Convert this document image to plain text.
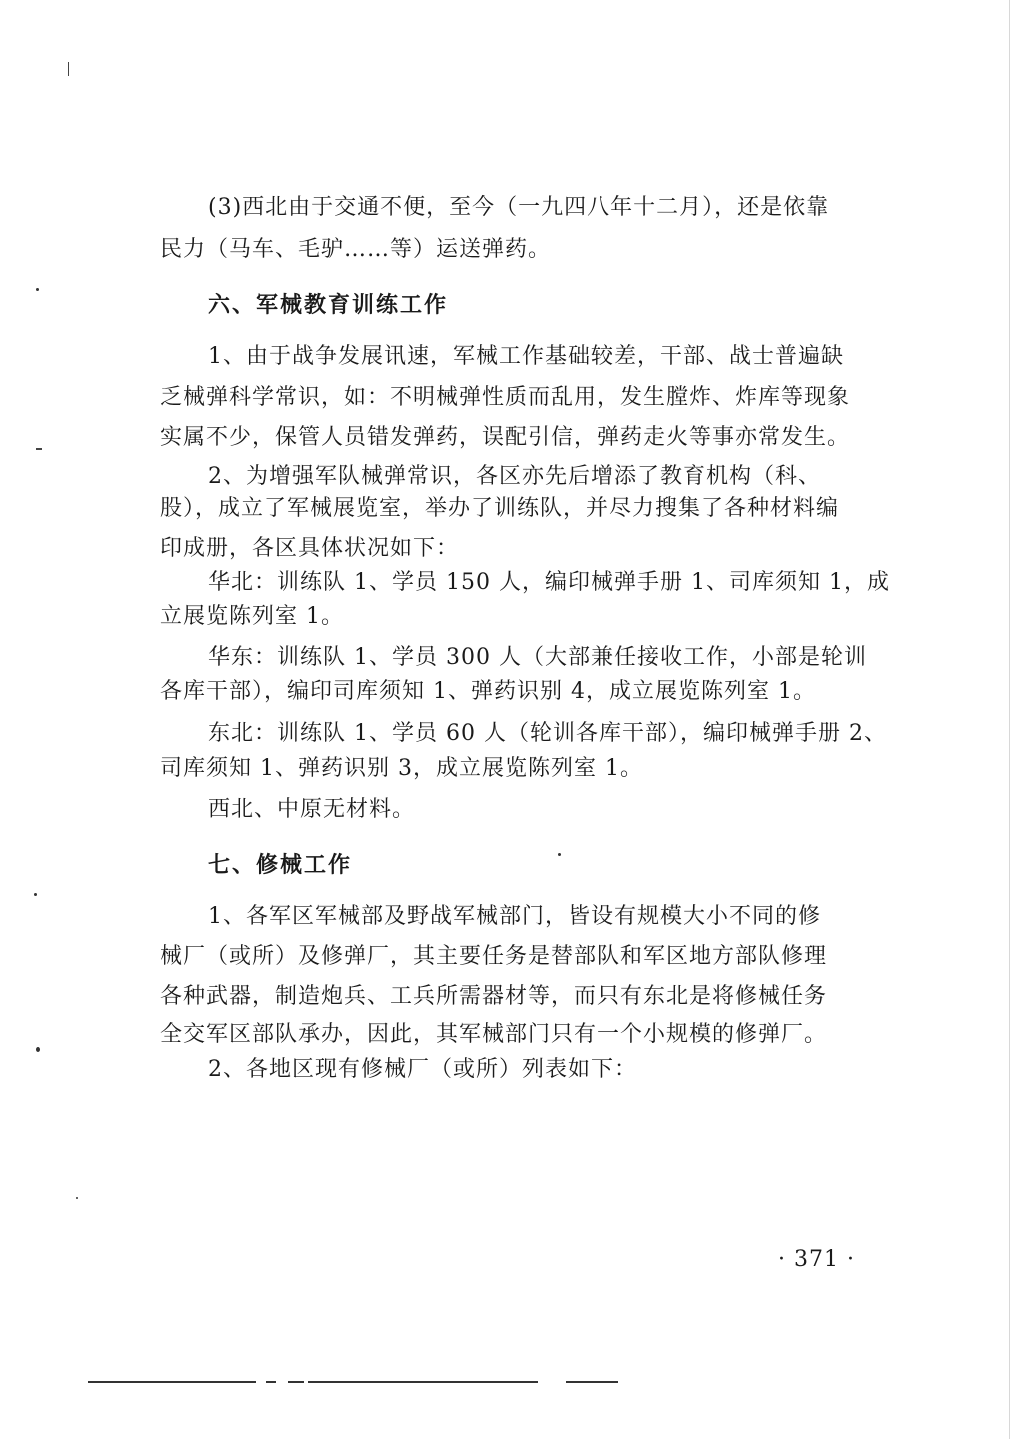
(3)西北由于交通不便，至今（一九四八年十二月），还是依靠
民力（马车、毛驴……等）运送弹药。
六、军械教育训练工作
1、由于战争发展讯速，军械工作基础较差，干部、战士普遍缺
乏械弹科学常识，如：不明械弹性质而乱用，发生膛炸、炸库等现象
实属不少，保管人员错发弹药，误配引信，弹药走火等事亦常发生。
2、为增强军队械弹常识，各区亦先后增添了教育机构（科、
股），成立了军械展览室，举办了训练队，并尽力搜集了各种材料编
印成册，各区具体状况如下：
华北：训练队 1、学员 150 人，编印械弹手册 1、司库须知 1，成
立展览陈列室 1。
华东：训练队 1、学员 300 人（大部兼任接收工作，小部是轮训
各库干部），编印司库须知 1、弹药识别 4，成立展览陈列室 1。
东北：训练队 1、学员 60 人（轮训各库干部），编印械弹手册 2、
司库须知 1、弹药识别 3，成立展览陈列室 1。
西北、中原无材料。
七、修械工作
1、各军区军械部及野战军械部门，皆设有规模大小不同的修
械厂（或所）及修弹厂，其主要任务是替部队和军区地方部队修理
各种武器，制造炮兵、工兵所需器材等，而只有东北是将修械任务
全交军区部队承办，因此，其军械部门只有一个小规模的修弹厂。
2、各地区现有修械厂（或所）列表如下：
· 371 ·
